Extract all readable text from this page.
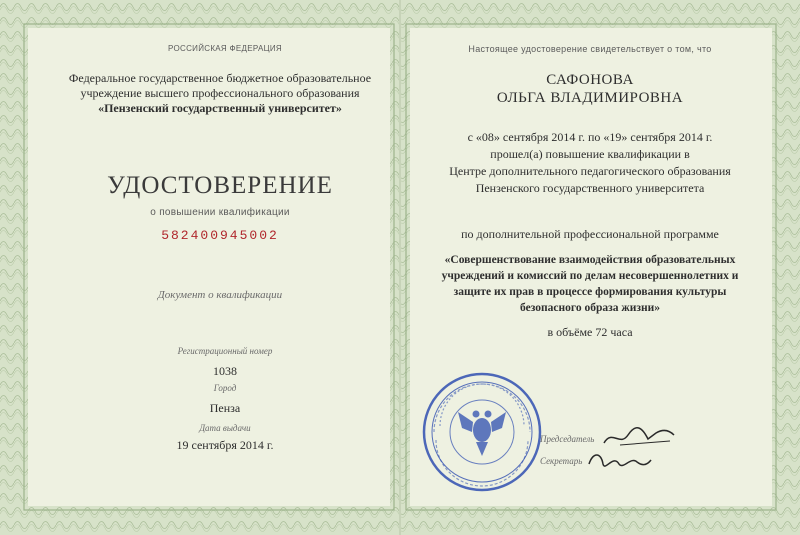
РОССИЙСКАЯ ФЕДЕРАЦИЯ
Федеральное государственное бюджетное образовательное
учреждение высшего профессионального образования
«Пензенский государственный университет»
УДОСТОВЕРЕНИЕ
о повышении квалификации
582400945002
Документ о квалификации
Регистрационный номер
1038
Город
Пенза
Дата выдачи
19 сентября 2014 г.
Настоящее удостоверение свидетельствует о том, что
САФОНОВА
ОЛЬГА ВЛАДИМИРОВНА
с «08» сентября 2014 г. по «19» сентября 2014 г.
прошел(а) повышение квалификации в
Центре дополнительного педагогического образования
Пензенского государственного университета
по дополнительной профессиональной программе
«Совершенствование взаимодействия образовательных
учреждений и комиссий по делам несовершеннолетних и
защите их прав в процессе формирования культуры
безопасного образа жизни»
в объёме 72 часа
Председатель
Секретарь
